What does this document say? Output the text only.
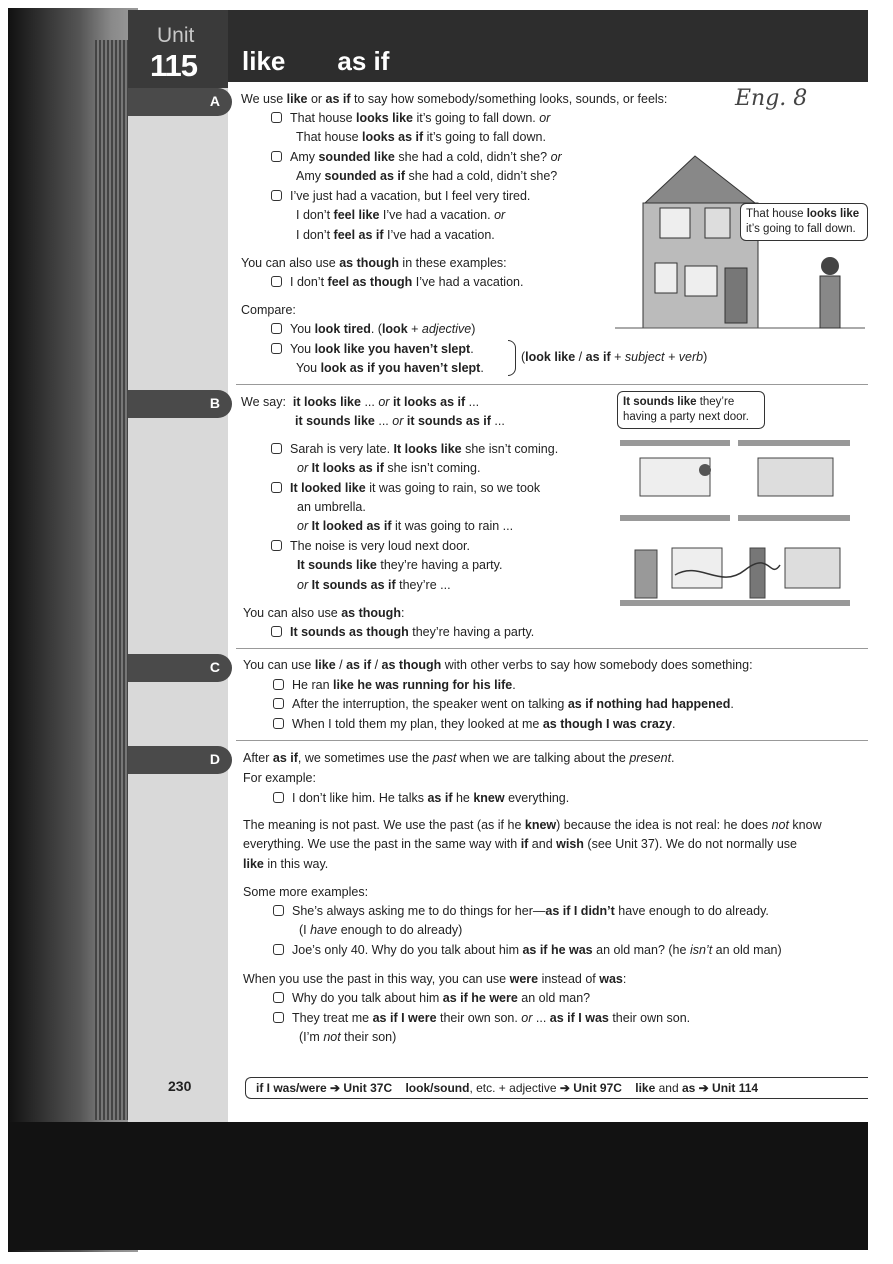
Unit
115 like as if
Eng. 8
A
B
C
D
We use like or as if to say how somebody/something looks, sounds, or feels:
That house looks like it’s going to fall down. or
That house looks as if it’s going to fall down.
Amy sounded like she had a cold, didn’t she? or
Amy sounded as if she had a cold, didn’t she?
I’ve just had a vacation, but I feel very tired.
I don’t feel like I’ve had a vacation. or
I don’t feel as if I’ve had a vacation.
You can also use as though in these examples:
I don’t feel as though I’ve had a vacation.
Compare:
You look tired. (look + adjective)
You look like you haven’t slept.
You look as if you haven’t slept.
(look like / as if + subject + verb)
That house looks like
it’s going to fall down.
We say: it looks like ... or it looks as if ...
it sounds like ... or it sounds as if ...
Sarah is very late. It looks like she isn’t coming.
or It looks as if she isn’t coming.
It looked like it was going to rain, so we took
an umbrella.
or It looked as if it was going to rain ...
The noise is very loud next door.
It sounds like they’re having a party.
or It sounds as if they’re ...
You can also use as though:
It sounds as though they’re having a party.
It sounds like they’re
having a party next door.
You can use like / as if / as though with other verbs to say how somebody does something:
He ran like he was running for his life.
After the interruption, the speaker went on talking as if nothing had happened.
When I told them my plan, they looked at me as though I was crazy.
After as if, we sometimes use the past when we are talking about the present.
For example:
I don’t like him. He talks as if he knew everything.
The meaning is not past. We use the past (as if he knew) because the idea is not real: he does not know
everything. We use the past in the same way with if and wish (see Unit 37). We do not normally use
like in this way.
Some more examples:
She’s always asking me to do things for her—as if I didn’t have enough to do already.
(I have enough to do already)
Joe’s only 40. Why do you talk about him as if he was an old man? (he isn’t an old man)
When you use the past in this way, you can use were instead of was:
Why do you talk about him as if he were an old man?
They treat me as if I were their own son. or ... as if I was their own son.
(I’m not their son)
230	if I was/were ➔ Unit 37C look/sound, etc. + adjective ➔ Unit 97C like and as ➔ Unit 114
